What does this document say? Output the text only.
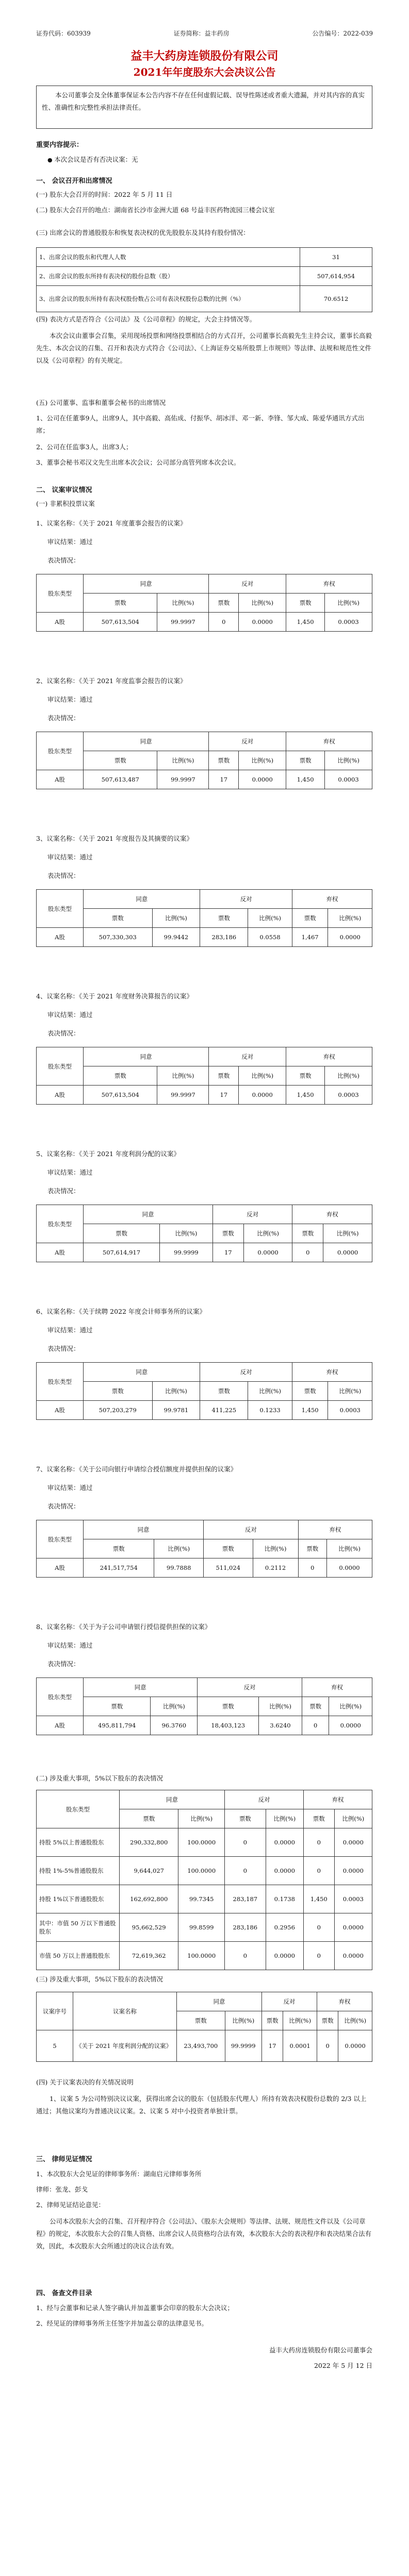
证券代码：603939	证券简称：益丰药房	公告编号：2022-039
益丰大药房连锁股份有限公司
2021年年度股东大会决议公告
本公司董事会及全体董事保证本公告内容不存在任何虚假记载、误导性陈述或者重大遗漏，并对其内容的真实性、准确性和完整性承担法律责任。
重要内容提示：
● 本次会议是否有否决议案：无
一、 会议召开和出席情况
(一) 股东大会召开的时间：2022 年 5 月 11 日
(二) 股东大会召开的地点：湖南省长沙市金洲大道 68 号益丰医药物流园三楼会议室
(三) 出席会议的普通股股东和恢复表决权的优先股股东及其持有股份情况：
1、出席会议的股东和代理人人数	31
2、出席会议的股东所持有表决权的股份总数（股）	507,614,954
3、出席会议的股东所持有表决权股份数占公司有表决权股份总数的比例（%）	70.6512
(四) 表决方式是否符合《公司法》及《公司章程》的规定，大会主持情况等。
本次会议由董事会召集，采用现场投票和网络投票相结合的方式召开，公司董事长高毅先生主持会议，董事长高毅先生、本次会议的召集、召开和表决方式符合《公司法》、《上海证券交易所股票上市规则》等法律、法规和规范性文件以及《公司章程》的有关规定。
(五) 公司董事、监事和董事会秘书的出席情况
1、公司在任董事9人，出席9人，其中高毅、高佑成、付振华、胡冰洋、邓一新、李锋、邹大成、陈爱华通讯方式出席；
2、公司在任监事3人，出席3人；
3、董事会秘书邓汉文先生出席本次会议；公司部分高管列席本次会议。
二、 议案审议情况
(一) 非累积投票议案
1、议案名称：《关于 2021 年度董事会报告的议案》
审议结果：通过
表决情况：
股东类型	同意		反对		弃权	
	票数	比例(%)	票数	比例(%)	票数	比例(%)
A股	507,613,504	99.9997	0	0.0000	1,450	0.0003
2、议案名称：《关于 2021 年度监事会报告的议案》
审议结果：通过
表决情况：
股东类型	同意		反对		弃权	
	票数	比例(%)	票数	比例(%)	票数	比例(%)
A股	507,613,487	99.9997	17	0.0000	1,450	0.0003
3、议案名称：《关于 2021 年度报告及其摘要的议案》
审议结果：通过
表决情况：
股东类型	同意		反对		弃权	
	票数	比例(%)	票数	比例(%)	票数	比例(%)
A股	507,330,303	99.9442	283,186	0.0558	1,467	0.0000
4、议案名称：《关于 2021 年度财务决算报告的议案》
审议结果：通过
表决情况：
股东类型	同意		反对		弃权	
	票数	比例(%)	票数	比例(%)	票数	比例(%)
A股	507,613,504	99.9997	17	0.0000	1,450	0.0003
5、议案名称：《关于 2021 年度利润分配的议案》
审议结果：通过
表决情况：
股东类型	同意		反对		弃权	
	票数	比例(%)	票数	比例(%)	票数	比例(%)
A股	507,614,917	99.9999	17	0.0000	0	0.0000
6、议案名称：《关于续聘 2022 年度会计师事务所的议案》
审议结果：通过
表决情况：
股东类型	同意		反对		弃权	
	票数	比例(%)	票数	比例(%)	票数	比例(%)
A股	507,203,279	99.9781	411,225	0.1233	1,450	0.0003
7、议案名称：《关于公司向银行申请综合授信额度并提供担保的议案》
审议结果：通过
表决情况：
股东类型	同意		反对		弃权	
	票数	比例(%)	票数	比例(%)	票数	比例(%)
A股	241,517,754	99.7888	511,024	0.2112	0	0.0000
8、议案名称：《关于为子公司申请银行授信提供担保的议案》
审议结果：通过
表决情况：
股东类型	同意		反对		弃权	
	票数	比例(%)	票数	比例(%)	票数	比例(%)
A股	495,811,794	96.3760	18,403,123	3.6240	0	0.0000
(二) 涉及重大事项，5%以下股东的表决情况
股东类型	同意		反对		弃权	
	票数	比例(%)	票数	比例(%)	票数	比例(%)
持股 5%以上普通股股东	290,332,800	100.0000	0	0.0000	0	0.0000
持股 1%-5%普通股股东	9,644,027	100.0000	0	0.0000	0	0.0000
持股 1%以下普通股股东	162,692,800	99.7345	283,187	0.1738	1,450	0.0003
其中：市值 50 万以下普通股股东	95,662,529	99.8599	283,186	0.2956	0	0.0000
市值 50 万以上普通股股东	72,619,362	100.0000	0	0.0000	0	0.0000
(三) 涉及重大事项，5%以下股东的表决情况
议案序号	议案名称	同意		反对		弃权	
		票数	比例(%)	票数	比例(%)	票数	比例(%)
5	《关于 2021 年度利润分配的议案》	23,493,700	99.9999	17	0.0001	0	0.0000
(四) 关于议案表决的有关情况说明
1、议案 5 为公司特别决议议案，获得出席会议的股东（包括股东代理人）所持有效表决权股份总数的 2/3 以上通过；其他议案均为普通决议议案。2、议案 5 对中小投资者单独计票。
三、 律师见证情况
1、本次股东大会见证的律师事务所：湖南启元律师事务所
律师：张龙、彭戈
2、律师见证结论意见：
公司本次股东大会的召集、召开程序符合《公司法》、《股东大会规则》等法律、法规、规范性文件以及《公司章程》的规定，本次股东大会的召集人资格、出席会议人员资格均合法有效，本次股东大会的表决程序和表决结果合法有效，因此，本次股东大会所通过的决议合法有效。
四、 备查文件目录
1、经与会董事和记录人签字确认并加盖董事会印章的股东大会决议；
2、经见证的律师事务所主任签字并加盖公章的法律意见书。
益丰大药房连锁股份有限公司董事会
2022 年 5 月 12 日
